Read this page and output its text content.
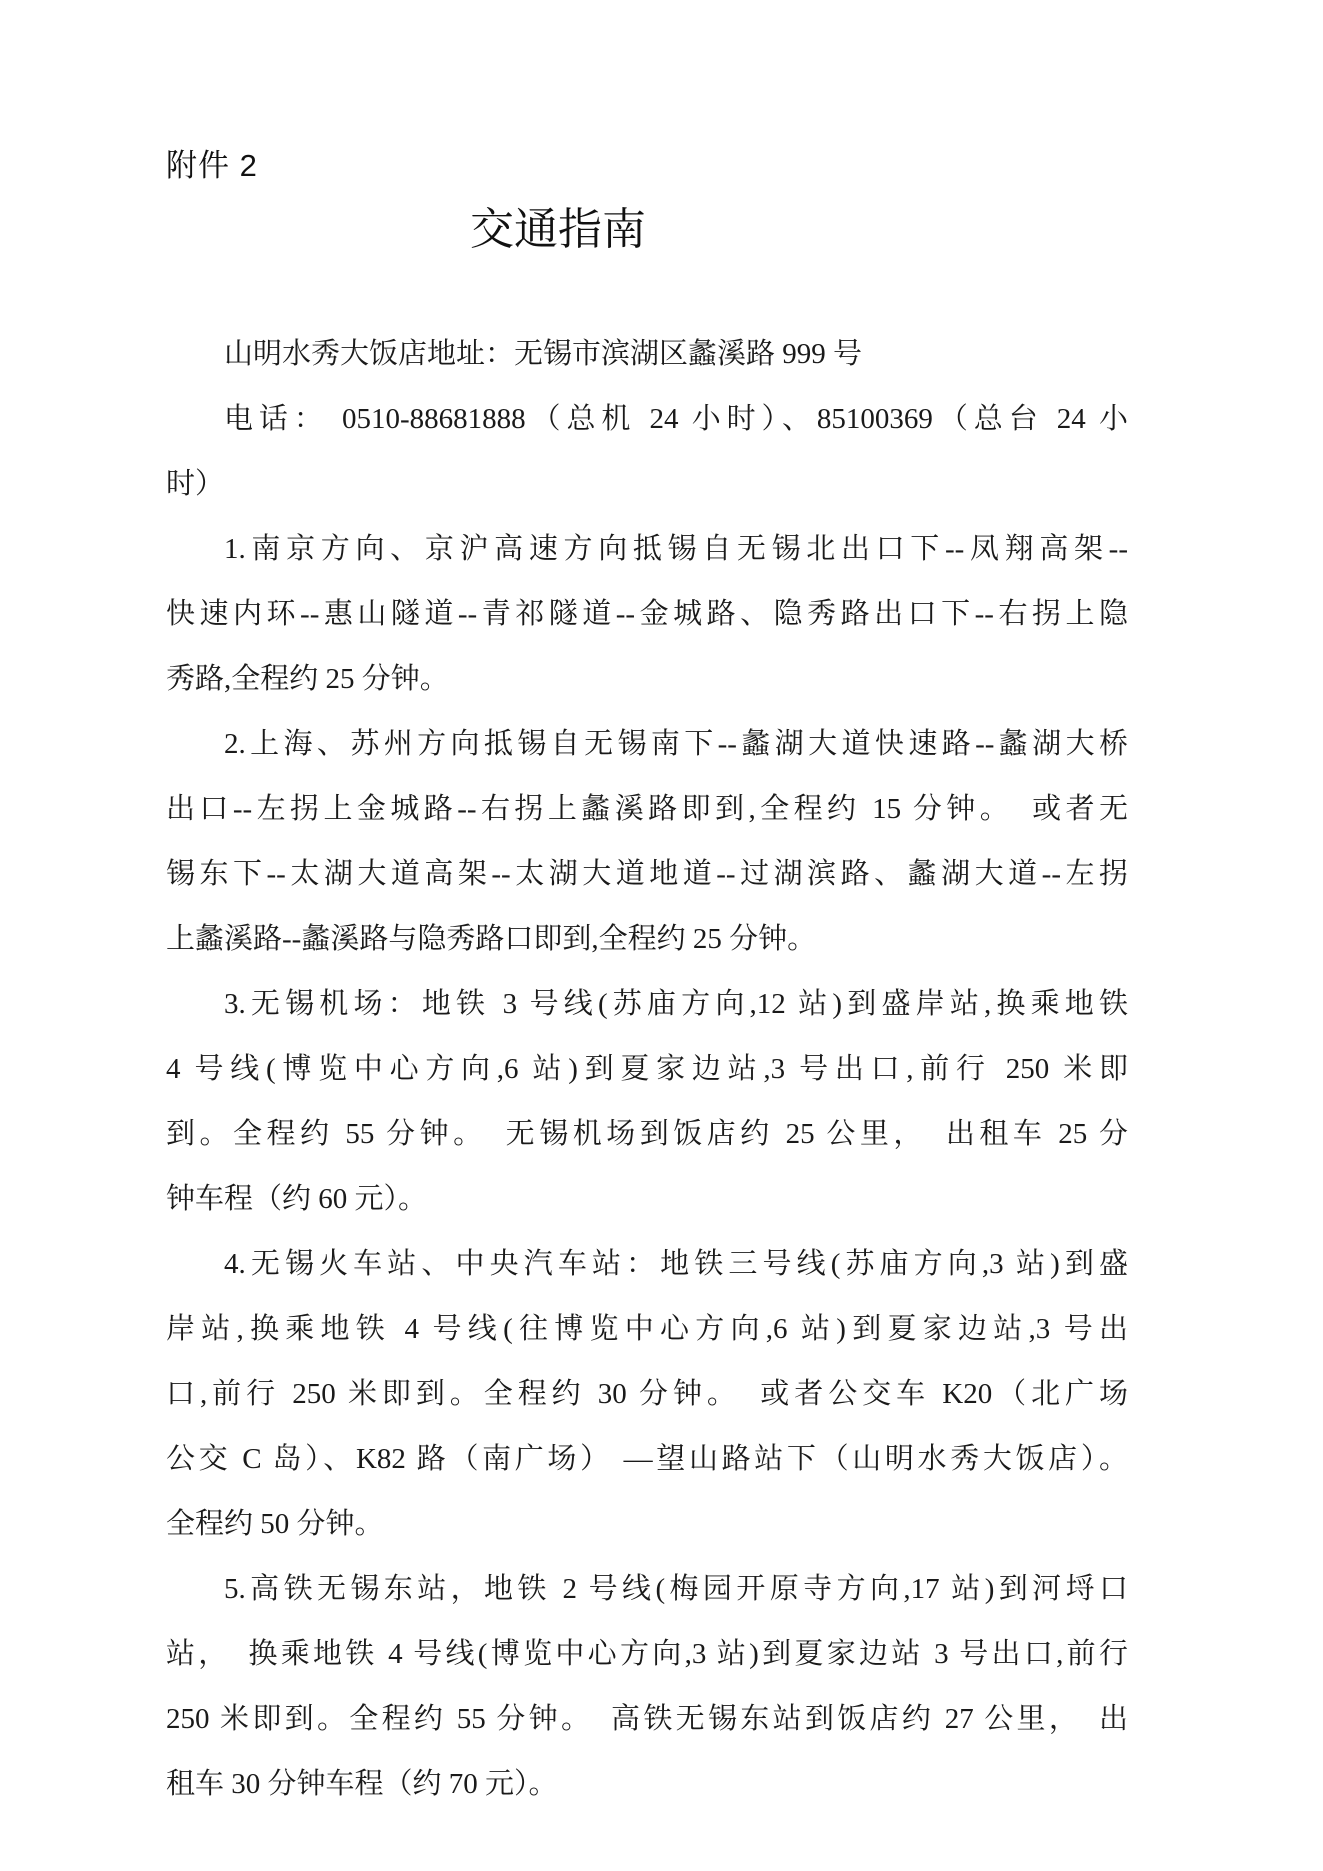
附件 2
交通指南
山明水秀大饭店地址：无锡市滨湖区蠡溪路 999 号
电话： 0510-88681888（总机 24 小时）、85100369（总台 24 小
时）
1.南京方向、京沪高速方向抵锡自无锡北出口下--凤翔高架--
快速内环--惠山隧道--青祁隧道--金城路、隐秀路出口下--右拐上隐
秀路,全程约 25 分钟。
2.上海、苏州方向抵锡自无锡南下--蠡湖大道快速路--蠡湖大桥
出口--左拐上金城路--右拐上蠡溪路即到,全程约 15 分钟。　或者无
锡东下--太湖大道高架--太湖大道地道--过湖滨路、蠡湖大道--左拐
上蠡溪路--蠡溪路与隐秀路口即到,全程约 25 分钟。
3.无锡机场：地铁 3 号线(苏庙方向,12 站)到盛岸站,换乘地铁
4 号线(博览中心方向,6 站)到夏家边站,3 号出口,前行 250 米即
到。全程约 55 分钟。　无锡机场到饭店约 25 公里，　出租车 25 分
钟车程（约 60 元）。
4.无锡火车站、中央汽车站：地铁三号线(苏庙方向,3 站)到盛
岸站,换乘地铁 4 号线(往博览中心方向,6 站)到夏家边站,3 号出
口,前行 250 米即到。全程约 30 分钟。　或者公交车 K20（北广场
公交 C 岛）、K82 路（南广场） —望山路站下（山明水秀大饭店）。
全程约 50 分钟。
5.高铁无锡东站，地铁 2 号线(梅园开原寺方向,17 站)到河埒口
站，　换乘地铁 4 号线(博览中心方向,3 站)到夏家边站 3 号出口,前行
250 米即到。全程约 55 分钟。　高铁无锡东站到饭店约 27 公里，　出
租车 30 分钟车程（约 70 元）。
